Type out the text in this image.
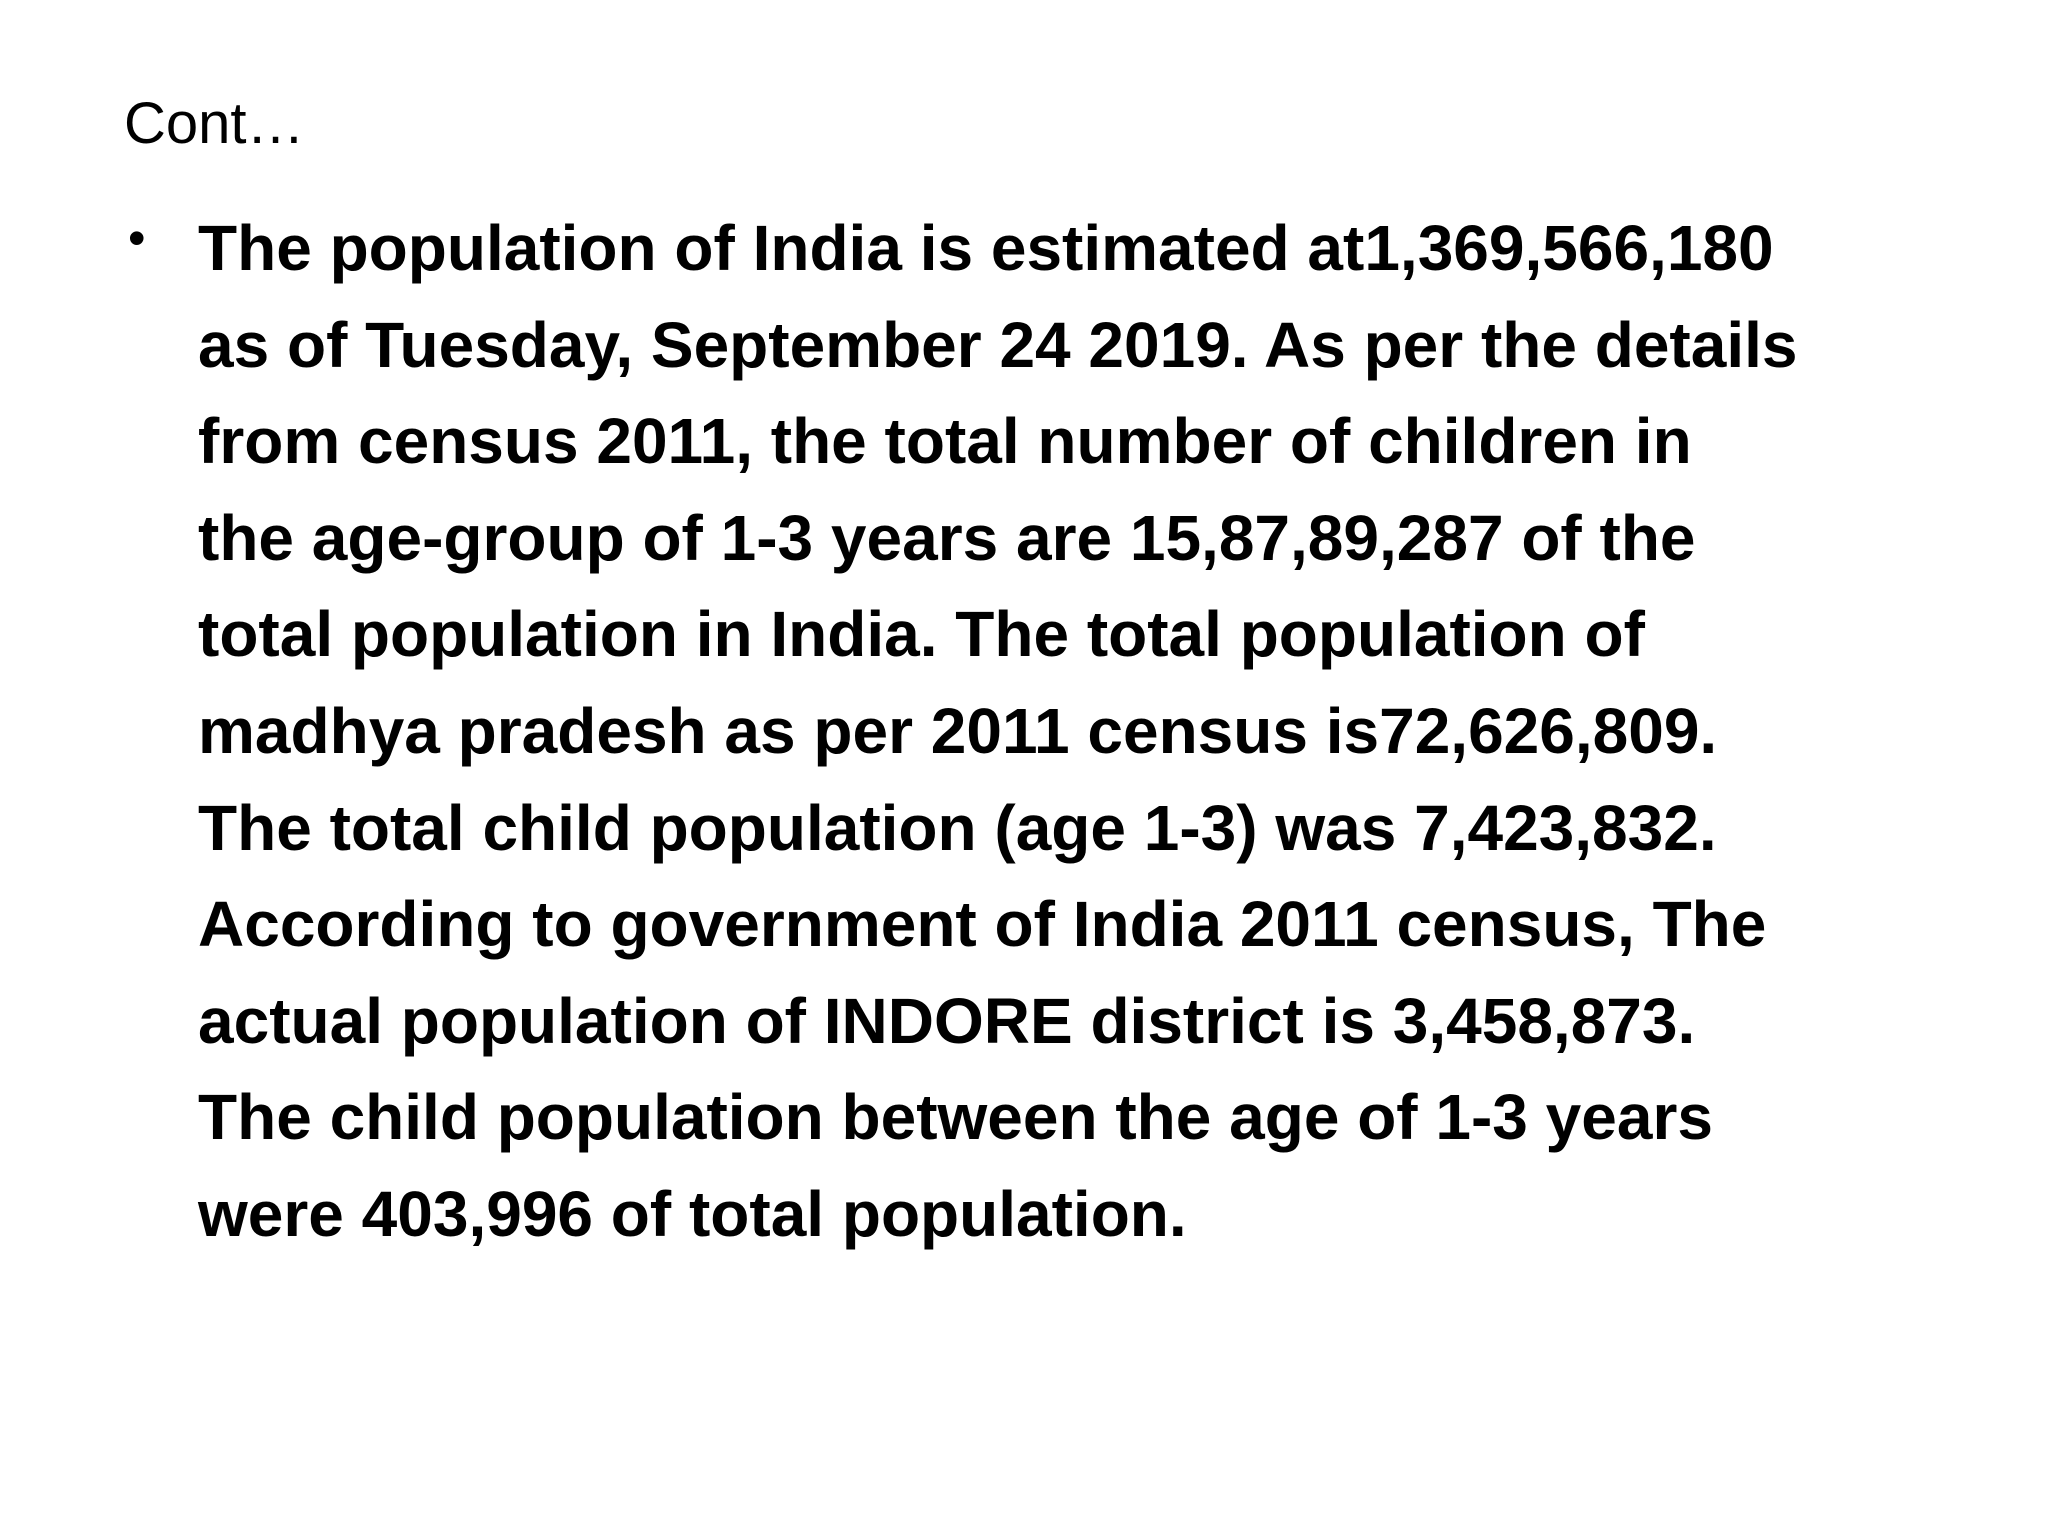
Cont…
• The population of India is estimated at1,369,566,180
as of Tuesday, September 24 2019. As per the details
from census 2011, the total number of children in
the age-group of 1-3 years are 15,87,89,287 of the
total population in India. The total population of
madhya pradesh as per 2011 census is72,626,809.
The total child population (age 1-3) was 7,423,832.
According to government of India 2011 census, The
actual population of INDORE district is 3,458,873.
The child population between the age of 1-3 years
were 403,996 of total population.
